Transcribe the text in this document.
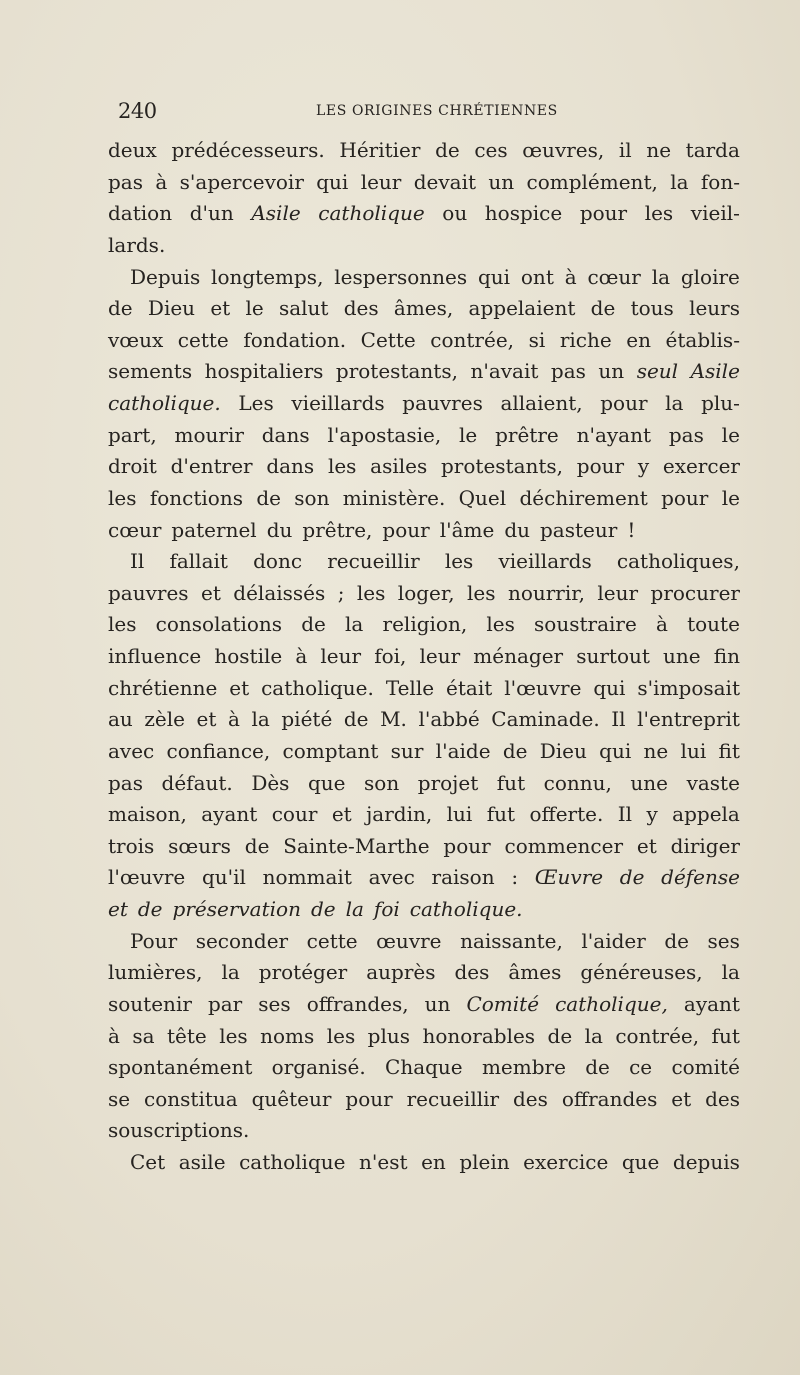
240	LES ORIGINES CHRÉTIENNES
deux prédécesseurs. Héritier de ces œuvres, il ne tarda
pas à s'apercevoir qui leur devait un complément, la fon-
dation d'un Asile catholique ou hospice pour les vieil-
lards.
Depuis longtemps, lespersonnes qui ont à cœur la gloire
de Dieu et le salut des âmes, appelaient de tous leurs
vœux cette fondation. Cette contrée, si riche en établis-
sements hospitaliers protestants, n'avait pas un seul Asile
catholique. Les vieillards pauvres allaient, pour la plu-
part, mourir dans l'apostasie, le prêtre n'ayant pas le
droit d'entrer dans les asiles protestants, pour y exercer
les fonctions de son ministère. Quel déchirement pour le
cœur paternel du prêtre, pour l'âme du pasteur !
Il fallait donc recueillir les vieillards catholiques,
pauvres et délaissés ; les loger, les nourrir, leur procurer
les consolations de la religion, les soustraire à toute
influence hostile à leur foi, leur ménager surtout une fin
chrétienne et catholique. Telle était l'œuvre qui s'imposait
au zèle et à la piété de M. l'abbé Caminade. Il l'entreprit
avec confiance, comptant sur l'aide de Dieu qui ne lui fit
pas défaut. Dès que son projet fut connu, une vaste
maison, ayant cour et jardin, lui fut offerte. Il y appela
trois sœurs de Sainte-Marthe pour commencer et diriger
l'œuvre qu'il nommait avec raison : Œuvre de défense
et de préservation de la foi catholique.
Pour seconder cette œuvre naissante, l'aider de ses
lumières, la protéger auprès des âmes généreuses, la
soutenir par ses offrandes, un Comité catholique, ayant
à sa tête les noms les plus honorables de la contrée, fut
spontanément organisé. Chaque membre de ce comité
se constitua quêteur pour recueillir des offrandes et des
souscriptions.
Cet asile catholique n'est en plein exercice que depuis
